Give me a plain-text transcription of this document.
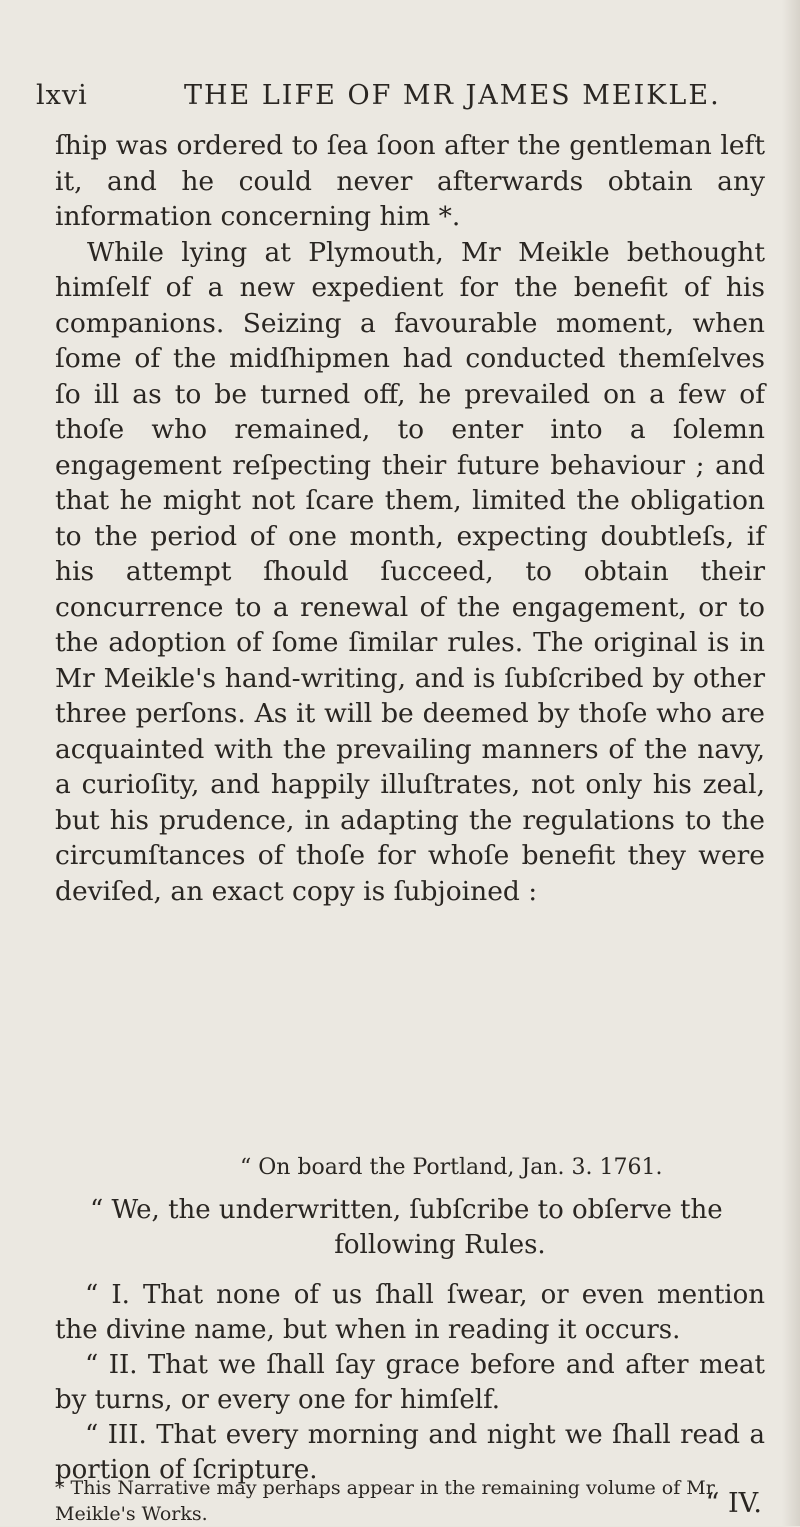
lxvi	THE LIFE OF MR JAMES MEIKLE.

ſhip was ordered to ſea ſoon after the gentleman left it, and he could never afterwards obtain any information concerning him *.

While lying at Plymouth, Mr Meikle bethought himſelf of a new expedient for the benefit of his companions. Seizing a favourable moment, when ſome of the midſhipmen had conducted themſelves ſo ill as to be turned off, he prevailed on a few of thoſe who remained, to enter into a ſolemn engagement reſpecting their future behaviour ; and that he might not ſcare them, limited the obligation to the period of one month, expecting doubtleſs, if his attempt ſhould ſucceed, to obtain their concurrence to a renewal of the engagement, or to the adoption of ſome ſimilar rules. The original is in Mr Meikle's hand-writing, and is ſubſcribed by other three perſons. As it will be deemed by thoſe who are acquainted with the prevailing manners of the navy, a curioſity, and happily illuſtrates, not only his zeal, but his prudence, in adapting the regulations to the circumſtances of thoſe for whoſe benefit they were deviſed, an exact copy is ſubjoined :

“ On board the Portland, Jan. 3. 1761.

“ We, the underwritten, ſubſcribe to obſerve the

following Rules.

“ I. That none of us ſhall ſwear, or even mention the divine name, but when in reading it occurs.

“ II. That we ſhall ſay grace before and after meat by turns, or every one for himſelf.

“ III. That every morning and night we ſhall read a portion of ſcripture.

“ IV.
* This Narrative may perhaps appear in the remaining volume of Mr Meikle's Works.
